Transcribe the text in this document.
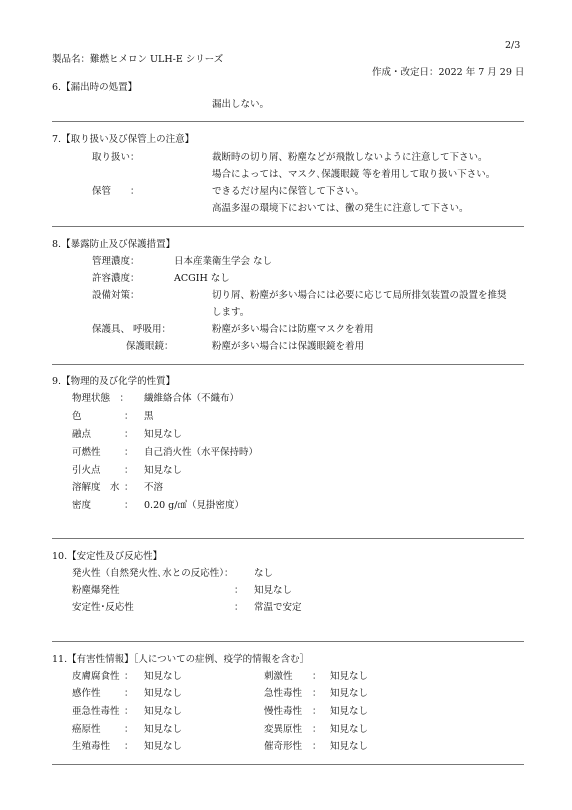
2/3
製品名：難燃ヒメロン ULH-E シリーズ
作成・改定日：2022 年 7 月 29 日
6.【漏出時の処置】
漏出しない。
7.【取り扱い及び保管上の注意】
取り扱い：	裁断時の切り屑、粉塵などが飛散しないように注意して下さい。
場合によっては、マスク､保護眼鏡 等を着用して取り扱い下さい。
保管　　：	できるだけ屋内に保管して下さい。
高温多湿の環境下においては、黴の発生に注意して下さい。
8.【暴露防止及び保護措置】
管理濃度：	日本産業衛生学会 なし
許容濃度：	ACGIH なし
設備対策：	切り屑、粉塵が多い場合には必要に応じて局所排気装置の設置を推奨
します。
保護具、 呼吸用：	粉塵が多い場合には防塵マスクを着用
保護眼鏡：	粉塵が多い場合には保護眼鏡を着用
9.【物理的及び化学的性質】
物理状態　： 繊維絡合体（不織布）
色	： 黒
融点	： 知見なし
可燃性 ： 自己消火性（水平保持時）
引火点 ： 知見なし
溶解度　水 ： 不溶
密度	： 0.20 g/㎤（見掛密度）
10.【安定性及び反応性】
発火性（自然発火性､水との反応性）： なし
粉塵爆発性	： 知見なし
安定性･反応性	： 常温で安定
11.【有害性情報】［人についての症例、疫学的情報を含む］
皮膚腐食性 ： 知見なし	刺激性 ： 知見なし
感作性 ： 知見なし	急性毒性 ： 知見なし
亜急性毒性 ： 知見なし	慢性毒性 ： 知見なし
癌原性 ： 知見なし	変異原性 ： 知見なし
生殖毒性 ： 知見なし	催奇形性 ： 知見なし
